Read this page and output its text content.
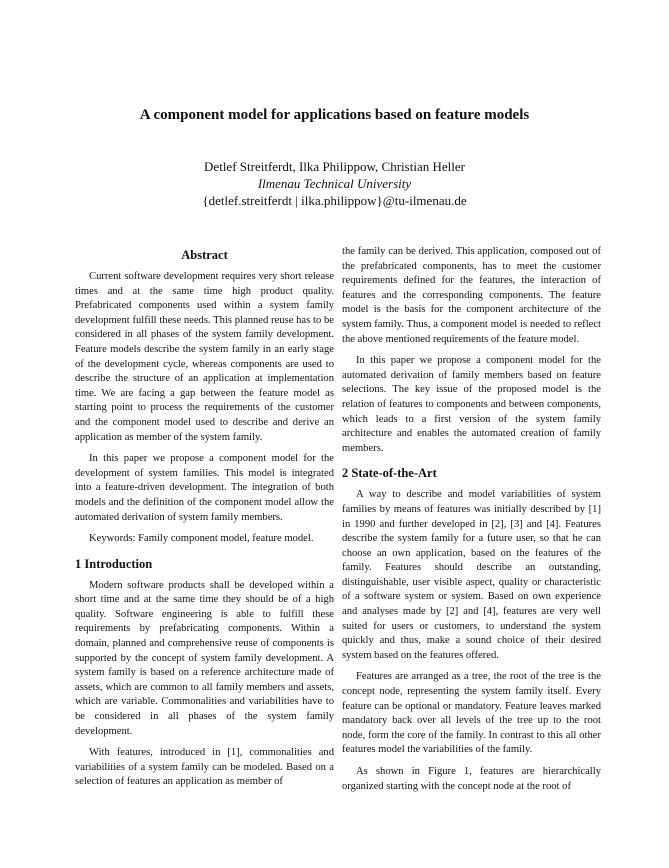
A component model for applications based on feature models
Detlef Streitferdt, Ilka Philippow, Christian Heller
Ilmenau Technical University
{detlef.streitferdt | ilka.philippow}@tu-ilmenau.de
Abstract

Current software development requires very short release times and at the same time high product quality. Prefabricated components used within a system family development fulfill these needs. This planned reuse has to be considered in all phases of the system family development. Feature models describe the system family in an early stage of the development cycle, whereas components are used to describe the structure of an application at implementation time. We are facing a gap between the feature model as starting point to process the requirements of the customer and the component model used to describe and derive an application as member of the system family.

In this paper we propose a component model for the development of system families. This model is integrated into a feature-driven development. The integration of both models and the definition of the component model allow the automated derivation of system family members.

Keywords: Family component model, feature model.

1 Introduction

Modern software products shall be developed within a short time and at the same time they should be of a high quality. Software engineering is able to fulfill these requirements by prefabricating components. Within a domain, planned and comprehensive reuse of components is supported by the concept of system family development. A system family is based on a reference architecture made of assets, which are common to all family members and assets, which are variable. Commonalities and variabilities have to be considered in all phases of the system family development.

With features, introduced in [1], commonalities and variabilities of a system family can be modeled. Based on a selection of features an application as member of

the family can be derived. This application, composed out of the prefabricated components, has to meet the customer requirements defined for the features, the interaction of features and the corresponding components. The feature model is the basis for the component architecture of the system family. Thus, a component model is needed to reflect the above mentioned requirements of the feature model.

In this paper we propose a component model for the automated derivation of family members based on feature selections. The key issue of the proposed model is the relation of features to components and between components, which leads to a first version of the system family architecture and enables the automated creation of family members.

2 State-of-the-Art

A way to describe and model variabilities of system families by means of features was initially described by [1] in 1990 and further developed in [2], [3] and [4]. Features describe the system family for a future user, so that he can choose an own application, based on the features of the family. Features should describe an outstanding, distinguishable, user visible aspect, quality or characteristic of a software system or system. Based on own experience and analyses made by [2] and [4], features are very well suited for users or customers, to understand the system quickly and thus, make a sound choice of their desired system based on the features offered.

Features are arranged as a tree, the root of the tree is the concept node, representing the system family itself. Every feature can be optional or mandatory. Feature leaves marked mandatory back over all levels of the tree up to the root node, form the core of the family. In contrast to this all other features model the variabilities of the family.

As shown in Figure 1, features are hierarchically organized starting with the concept node at the root of
